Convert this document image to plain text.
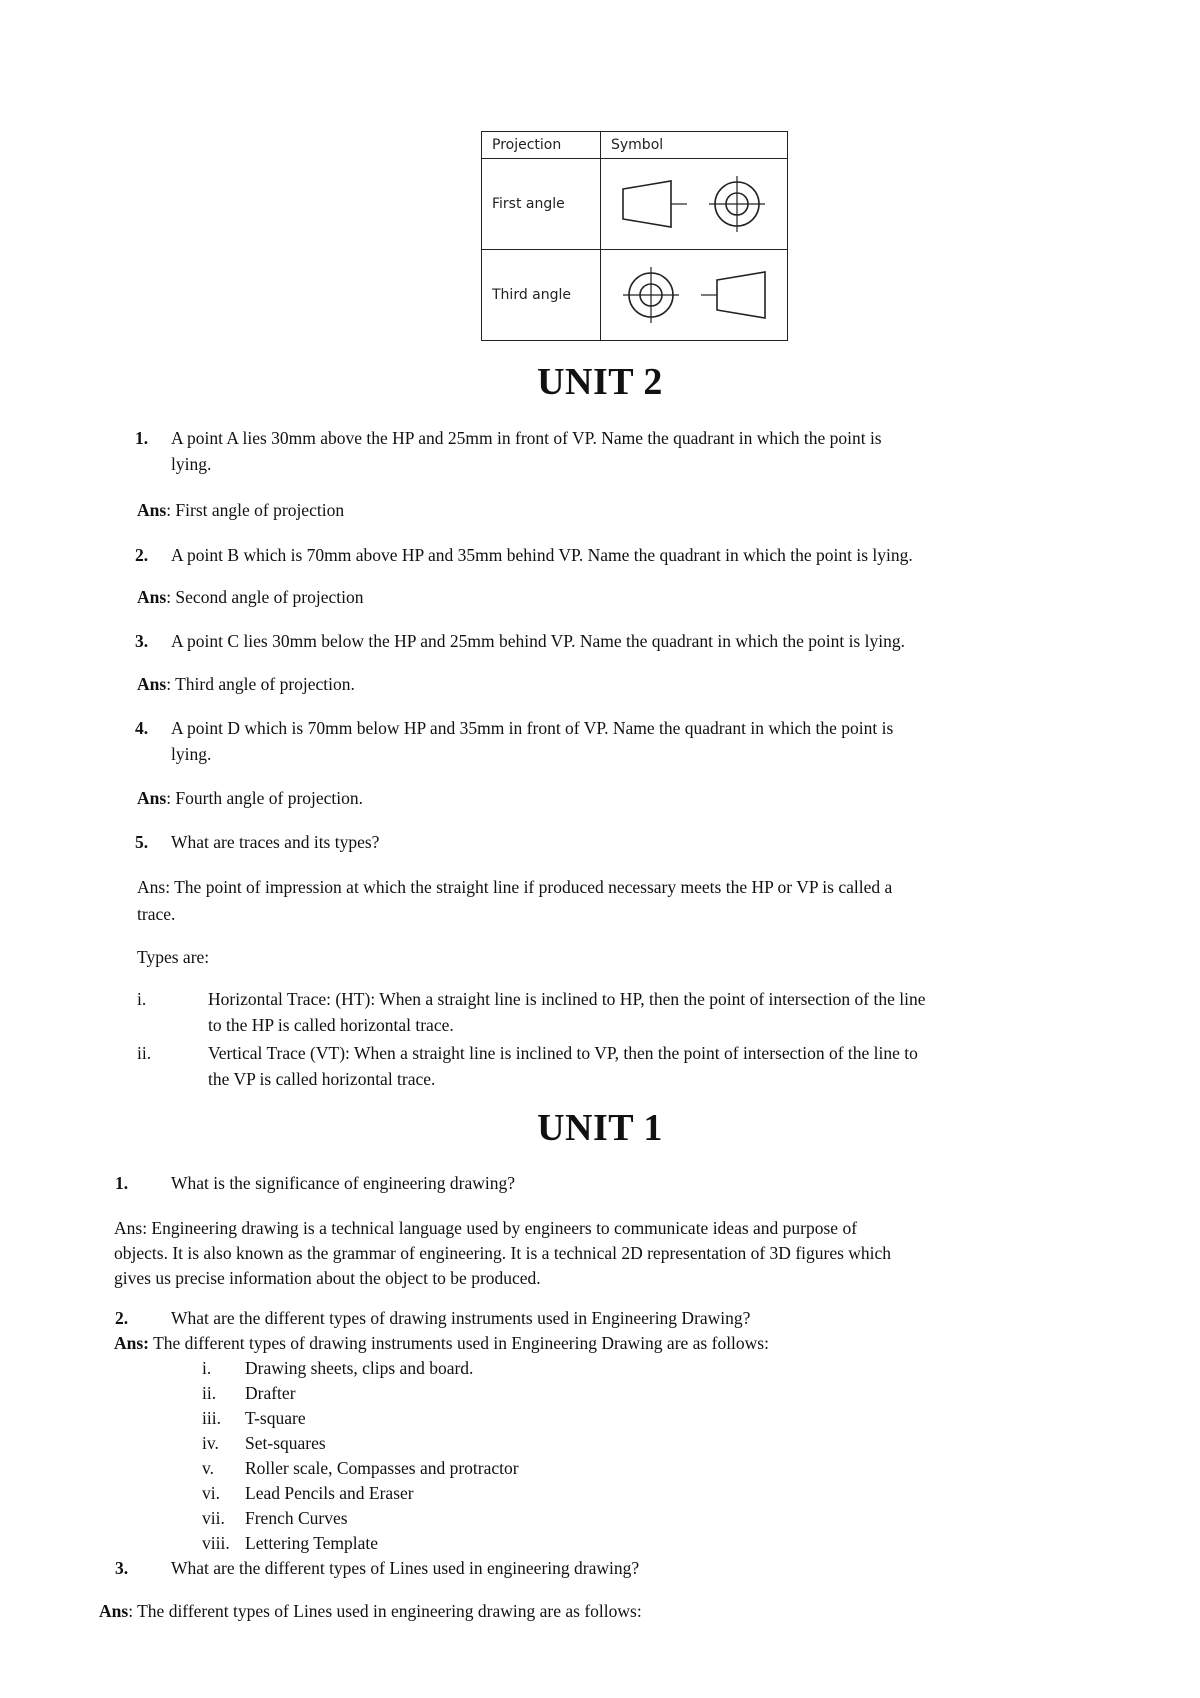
Projection	Symbol
First angle	

Third angle	
UNIT 2
1. A point A lies 30mm above the HP and 25mm in front of VP. Name the quadrant in which the point is
lying.
Ans: First angle of projection
2. A point B which is 70mm above HP and 35mm behind VP. Name the quadrant in which the point is lying.
Ans: Second angle of projection
3. A point C lies 30mm below the HP and 25mm behind VP. Name the quadrant in which the point is lying.
Ans: Third angle of projection.
4. A point D which is 70mm below HP and 35mm in front of VP. Name the quadrant in which the point is
lying.
Ans: Fourth angle of projection.
5. What are traces and its types?
Ans: The point of impression at which the straight line if produced necessary meets the HP or VP is called a
trace.
Types are:
i.	Horizontal Trace: (HT): When a straight line is inclined to HP, then the point of intersection of the line
to the HP is called horizontal trace.
ii.	Vertical Trace (VT): When a straight line is inclined to VP, then the point of intersection of the line to
the VP is called horizontal trace.
UNIT 1
1. What is the significance of engineering drawing?
Ans: Engineering drawing is a technical language used by engineers to communicate ideas and purpose of
objects. It is also known as the grammar of engineering. It is a technical 2D representation of 3D figures which
gives us precise information about the object to be produced.
2. What are the different types of drawing instruments used in Engineering Drawing?
Ans: The different types of drawing instruments used in Engineering Drawing are as follows:
i. Drawing sheets, clips and board.
ii. Drafter
iii. T-square
iv. Set-squares
v. Roller scale, Compasses and protractor
vi. Lead Pencils and Eraser
vii. French Curves
viii. Lettering Template
3. What are the different types of Lines used in engineering drawing?
Ans: The different types of Lines used in engineering drawing are as follows:
